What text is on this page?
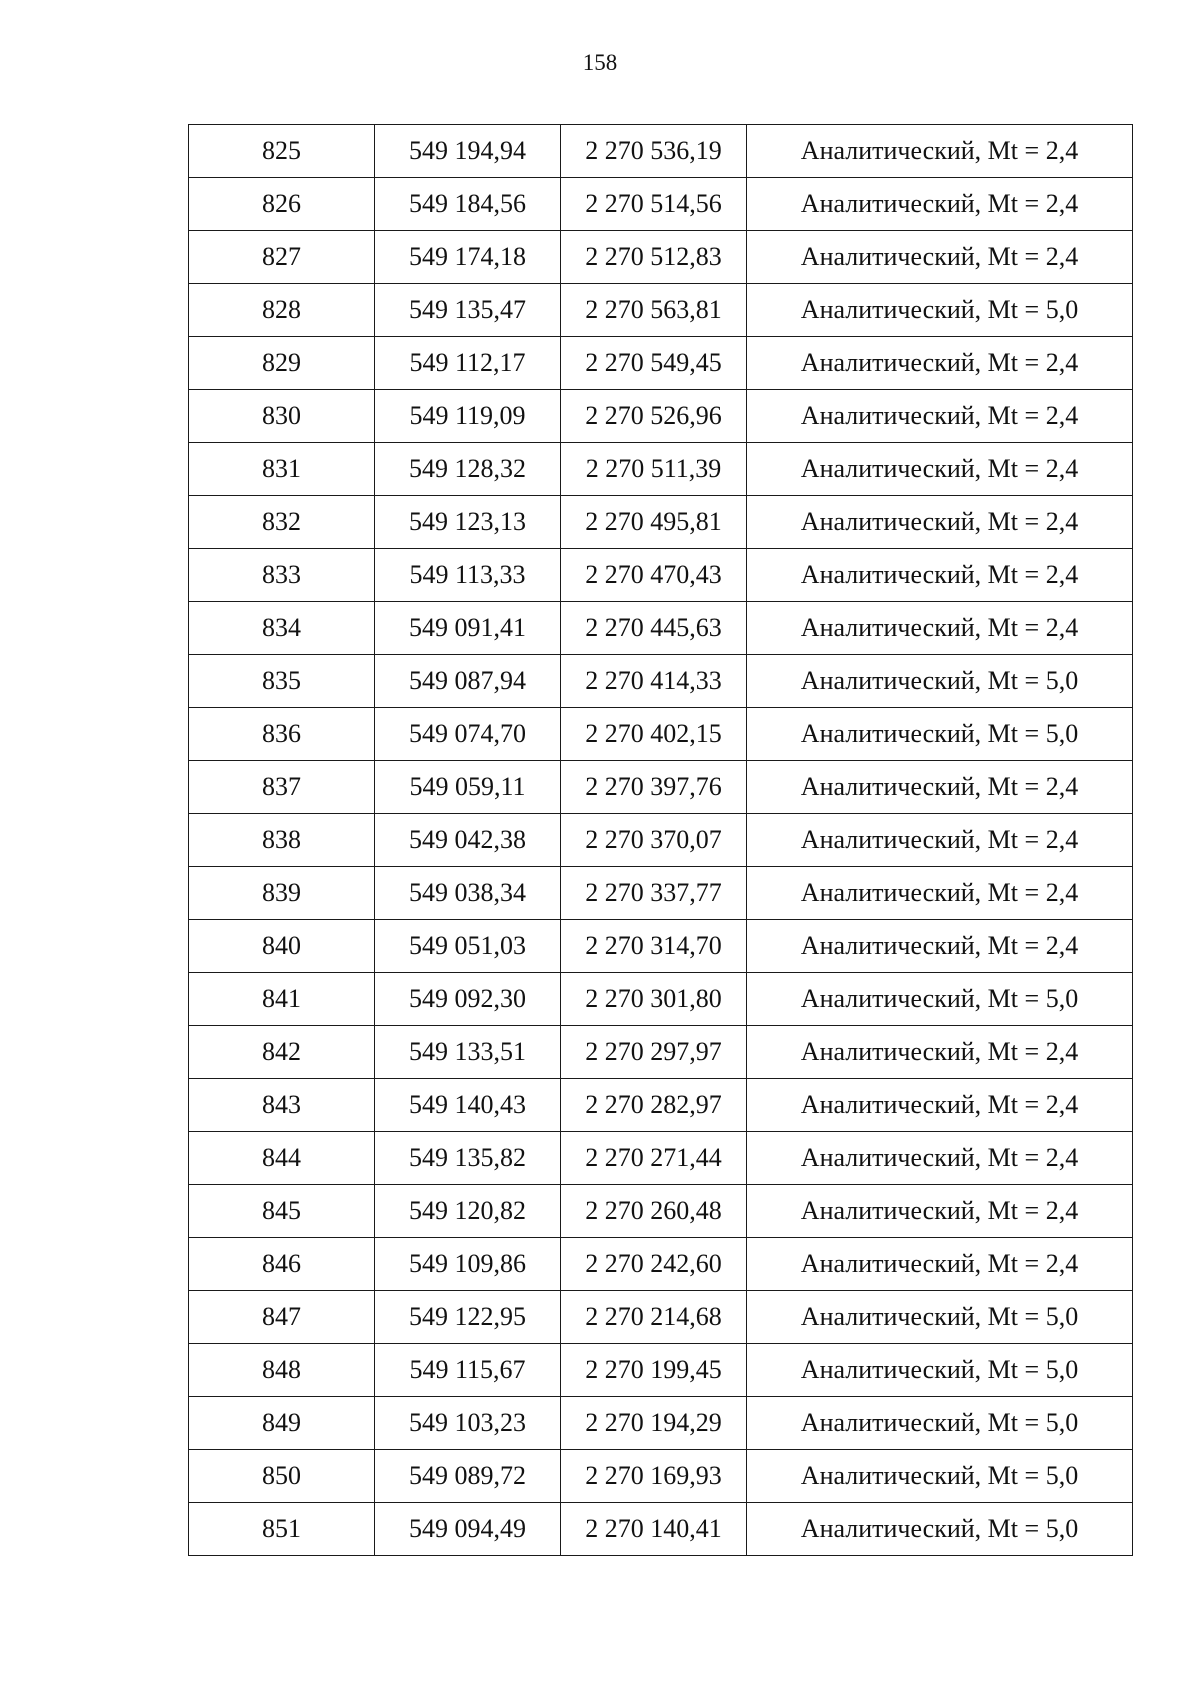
158
825	549 194,94	2 270 536,19	Аналитический, Mt = 2,4
826	549 184,56	2 270 514,56	Аналитический, Mt = 2,4
827	549 174,18	2 270 512,83	Аналитический, Mt = 2,4
828	549 135,47	2 270 563,81	Аналитический, Mt = 5,0
829	549 112,17	2 270 549,45	Аналитический, Mt = 2,4
830	549 119,09	2 270 526,96	Аналитический, Mt = 2,4
831	549 128,32	2 270 511,39	Аналитический, Mt = 2,4
832	549 123,13	2 270 495,81	Аналитический, Mt = 2,4
833	549 113,33	2 270 470,43	Аналитический, Mt = 2,4
834	549 091,41	2 270 445,63	Аналитический, Mt = 2,4
835	549 087,94	2 270 414,33	Аналитический, Mt = 5,0
836	549 074,70	2 270 402,15	Аналитический, Mt = 5,0
837	549 059,11	2 270 397,76	Аналитический, Mt = 2,4
838	549 042,38	2 270 370,07	Аналитический, Mt = 2,4
839	549 038,34	2 270 337,77	Аналитический, Mt = 2,4
840	549 051,03	2 270 314,70	Аналитический, Mt = 2,4
841	549 092,30	2 270 301,80	Аналитический, Mt = 5,0
842	549 133,51	2 270 297,97	Аналитический, Mt = 2,4
843	549 140,43	2 270 282,97	Аналитический, Mt = 2,4
844	549 135,82	2 270 271,44	Аналитический, Mt = 2,4
845	549 120,82	2 270 260,48	Аналитический, Mt = 2,4
846	549 109,86	2 270 242,60	Аналитический, Mt = 2,4
847	549 122,95	2 270 214,68	Аналитический, Mt = 5,0
848	549 115,67	2 270 199,45	Аналитический, Mt = 5,0
849	549 103,23	2 270 194,29	Аналитический, Mt = 5,0
850	549 089,72	2 270 169,93	Аналитический, Mt = 5,0
851	549 094,49	2 270 140,41	Аналитический, Mt = 5,0
